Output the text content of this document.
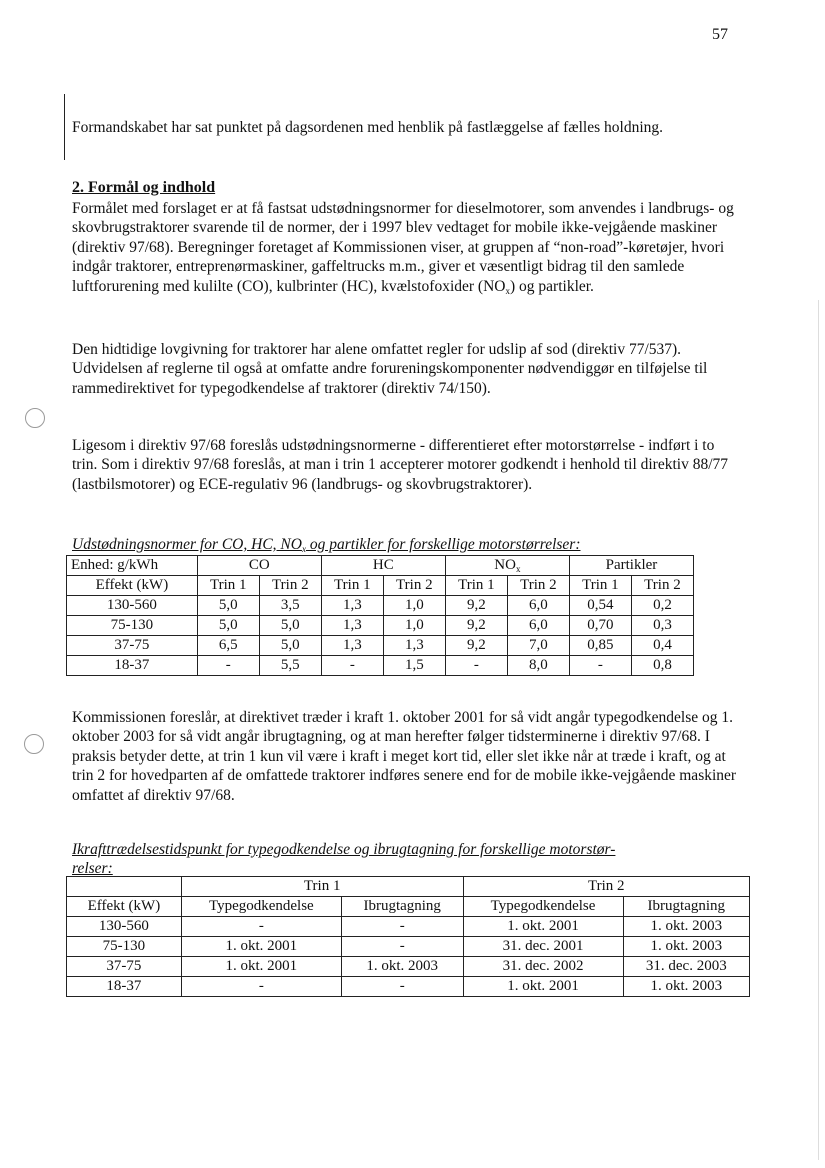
57

Formandskabet har sat punktet på dagsordenen med henblik på fastlæggelse af fælles holdning.

2. Formål og indhold

Formålet med forslaget er at få fastsat udstødningsnormer for dieselmotorer, som anvendes i landbrugs- og skovbrugstraktorer svarende til de normer, der i 1997 blev vedtaget for mobile ikke-vejgående maskiner (direktiv 97/68). Beregninger foretaget af Kommissionen viser, at gruppen af “non-road”-køretøjer, hvori indgår traktorer, entreprenørmaskiner, gaffeltrucks m.m., giver et væsentligt bidrag til den samlede luftforurening med kulilte (CO), kulbrinter (HC), kvælstofoxider $(NO_x)$ og partikler.

Den hidtidige lovgivning for traktorer har alene omfattet regler for udslip af sod (direktiv 77/537). Udvidelsen af reglerne til også at omfatte andre forureningskomponenter nødvendiggør en tilføjelse til rammedirektivet for typegodkendelse af traktorer (direktiv 74/150).

Ligesom i direktiv 97/68 foreslås udstødningsnormerne - differentieret efter motorstørrelse - indført i to trin. Som i direktiv 97/68 foreslås, at man i trin 1 accepterer motorer godkendt i henhold til direktiv 88/77 (lastbilsmotorer) og ECE-regulativ 96 (landbrugs- og skovbrugstraktorer).

Udstødningsnormer for CO, HC, $NO_x$ og partikler for forskellige motorstørrelser:

Enhed: g/kWh	CO		HC		$NO_x$		Partikler	
Effekt (kW)	Trin 1	Trin 2	Trin 1	Trin 2	Trin 1	Trin 2	Trin 1	Trin 2
130-560	5,0	3,5	1,3	1,0	9,2	6,0	0,54	0,2
75-130	5,0	5,0	1,3	1,0	9,2	6,0	0,70	0,3
37-75	6,5	5,0	1,3	1,3	9,2	7,0	0,85	0,4
18-37	-	5,5	-	1,5	-	8,0	-	0,8

Kommissionen foreslår, at direktivet træder i kraft 1. oktober 2001 for så vidt angår typegodkendelse og 1. oktober 2003 for så vidt angår ibrugtagning, og at man herefter følger tidsterminerne i direktiv 97/68. I praksis betyder dette, at trin 1 kun vil være i kraft i meget kort tid, eller slet ikke når at træde i kraft, og at trin 2 for hovedparten af de omfattede traktorer indføres senere end for de mobile ikke-vejgående maskiner omfattet af direktiv 97/68.

Ikrafttrædelsestidspunkt for typegodkendelse og ibrugtagning for forskellige motorstør-
relser:

	Trin 1		Trin 2	
Effekt (kW)	Typegodkendelse	Ibrugtagning	Typegodkendelse	Ibrugtagning
130-560	-	-	1. okt. 2001	1. okt. 2003
75-130	1. okt. 2001	-	31. dec. 2001	1. okt. 2003
37-75	1. okt. 2001	1. okt. 2003	31. dec. 2002	31. dec. 2003
18-37	-	-	1. okt. 2001	1. okt. 2003
